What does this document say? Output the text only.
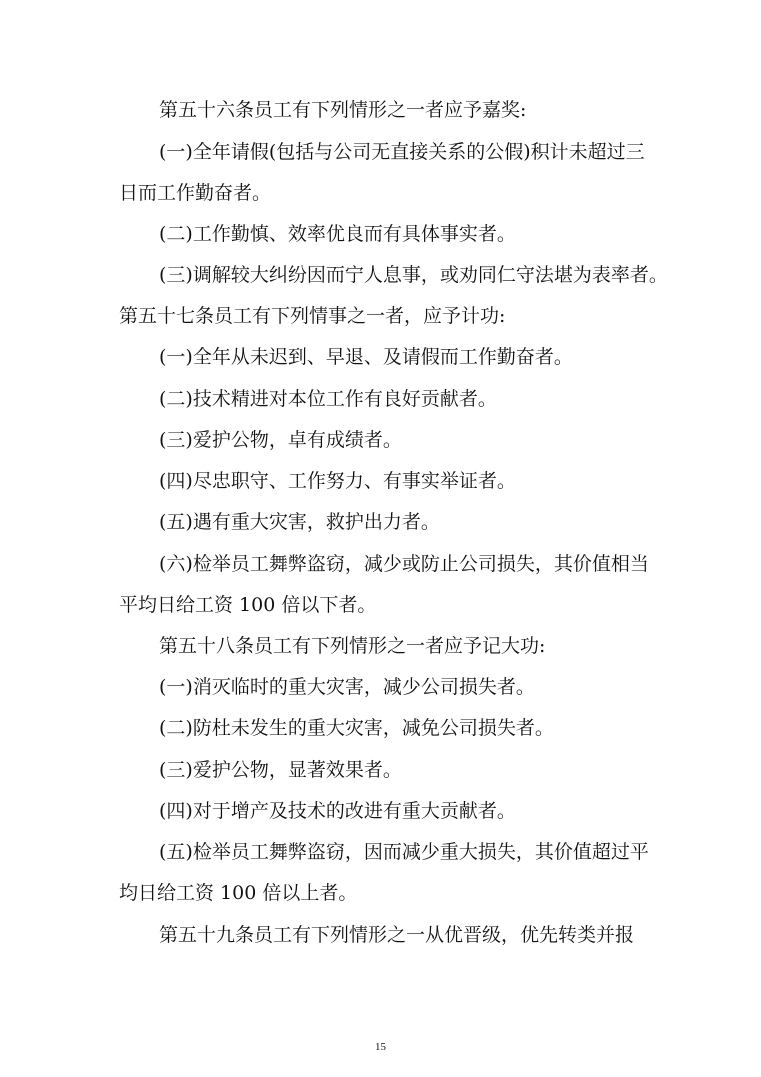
第五十六条员工有下列情形之一者应予嘉奖:
(一)全年请假(包括与公司无直接关系的公假)积计未超过三
日而工作勤奋者。
(二)工作勤慎、效率优良而有具体事实者。
(三)调解较大纠纷因而宁人息事，或劝同仁守法堪为表率者。
第五十七条员工有下列情事之一者，应予计功:
(一)全年从未迟到、早退、及请假而工作勤奋者。
(二)技术精进对本位工作有良好贡献者。
(三)爱护公物，卓有成绩者。
(四)尽忠职守、工作努力、有事实举证者。
(五)遇有重大灾害，救护出力者。
(六)检举员工舞弊盗窃，减少或防止公司损失，其价值相当
平均日给工资 100 倍以下者。
第五十八条员工有下列情形之一者应予记大功:
(一)消灭临时的重大灾害，减少公司损失者。
(二)防杜未发生的重大灾害，减免公司损失者。
(三)爱护公物，显著效果者。
(四)对于增产及技术的改进有重大贡献者。
(五)检举员工舞弊盗窃，因而减少重大损失，其价值超过平
均日给工资 100 倍以上者。
第五十九条员工有下列情形之一从优晋级，优先转类并报
15
